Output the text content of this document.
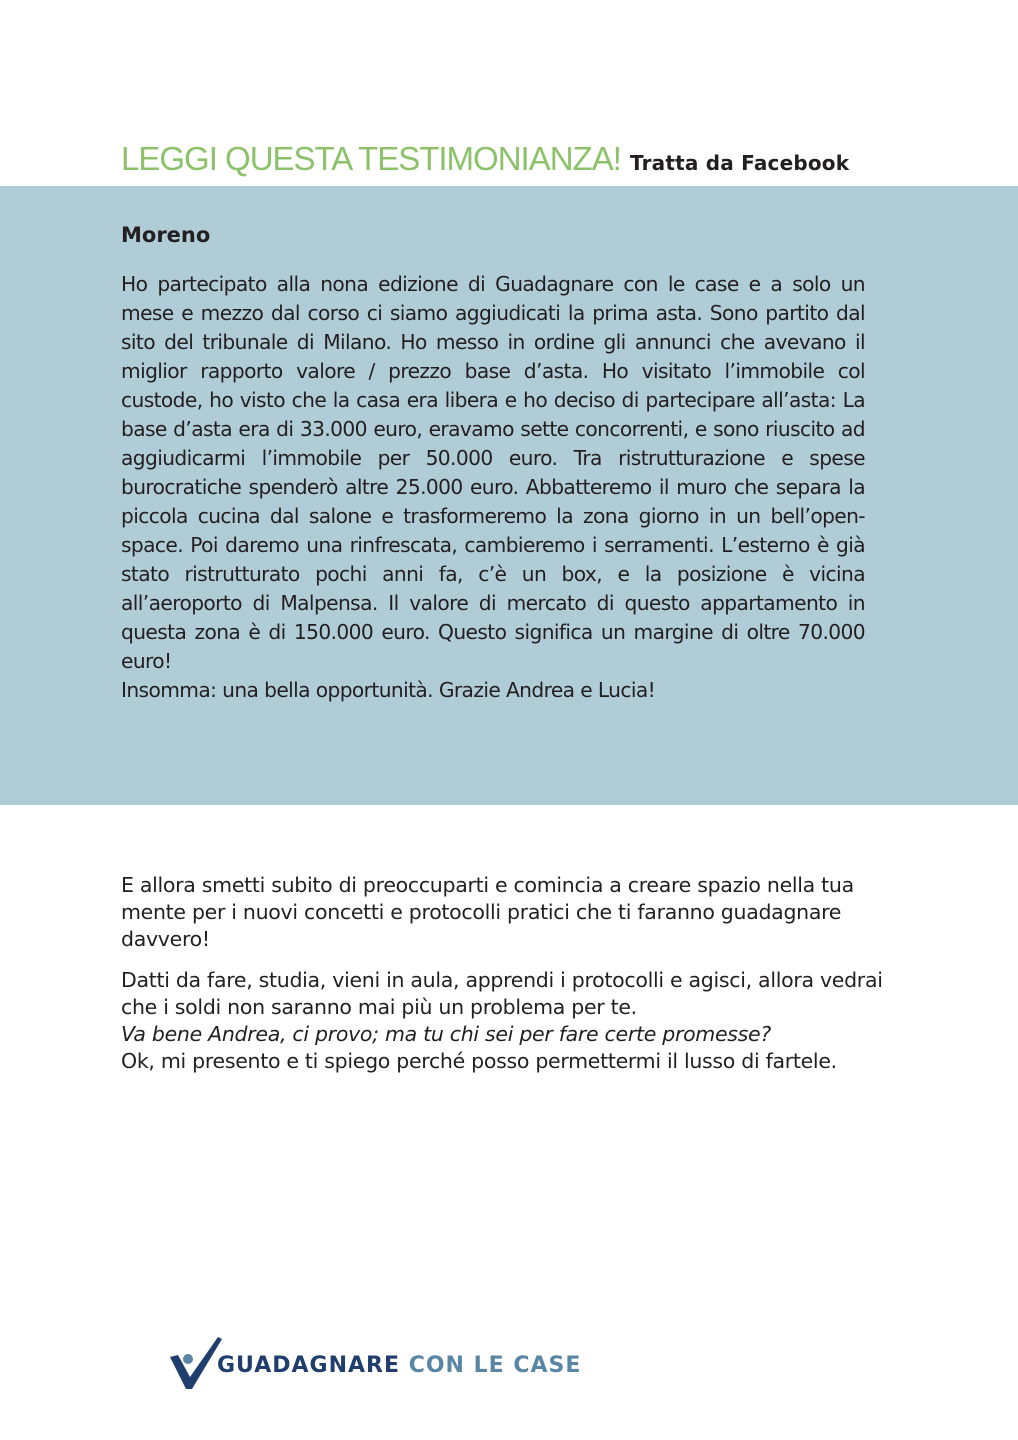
LEGGI QUESTA TESTIMONIANZA! Tratta da Facebook
Moreno
Ho partecipato alla nona edizione di Guadagnare con le case e a solo un mese e mezzo dal corso ci siamo aggiudicati la prima asta. Sono partito dal sito del tribunale di Milano. Ho messo in ordine gli annunci che avevano il miglior rapporto valore / prezzo base d’asta. Ho visitato l’immobile col custode, ho visto che la casa era libera e ho deciso di partecipare all’asta: La base d’asta era di 33.000 euro, eravamo sette concorrenti, e sono riuscito ad aggiudicarmi l’immobile per 50.000 euro. Tra ristrutturazione e spese burocratiche spenderò altre 25.000 euro. Abbatteremo il muro che separa la piccola cucina dal salone e trasformeremo la zona giorno in un bell’open-space. Poi daremo una rinfrescata, cambieremo i serramenti. L’esterno è già stato ristrutturato pochi anni fa, c’è un box, e la posizione è vicina all’aeroporto di Malpensa. Il valore di mercato di questo appartamento in questa zona è di 150.000 euro. Questo significa un margine di oltre 70.000 euro!
Insomma: una bella opportunità. Grazie Andrea e Lucia!

E allora smetti subito di preoccuparti e comincia a creare spazio nella tua mente per i nuovi concetti e protocolli pratici che ti faranno guadagnare davvero!

Datti da fare, studia, vieni in aula, apprendi i protocolli e agisci, allora vedrai che i soldi non saranno mai più un problema per te.

Va bene Andrea, ci provo; ma tu chi sei per fare certe promesse?

Ok, mi presento e ti spiego perché posso permettermi il lusso di fartele.

GUADAGNARE CON LE CASE
